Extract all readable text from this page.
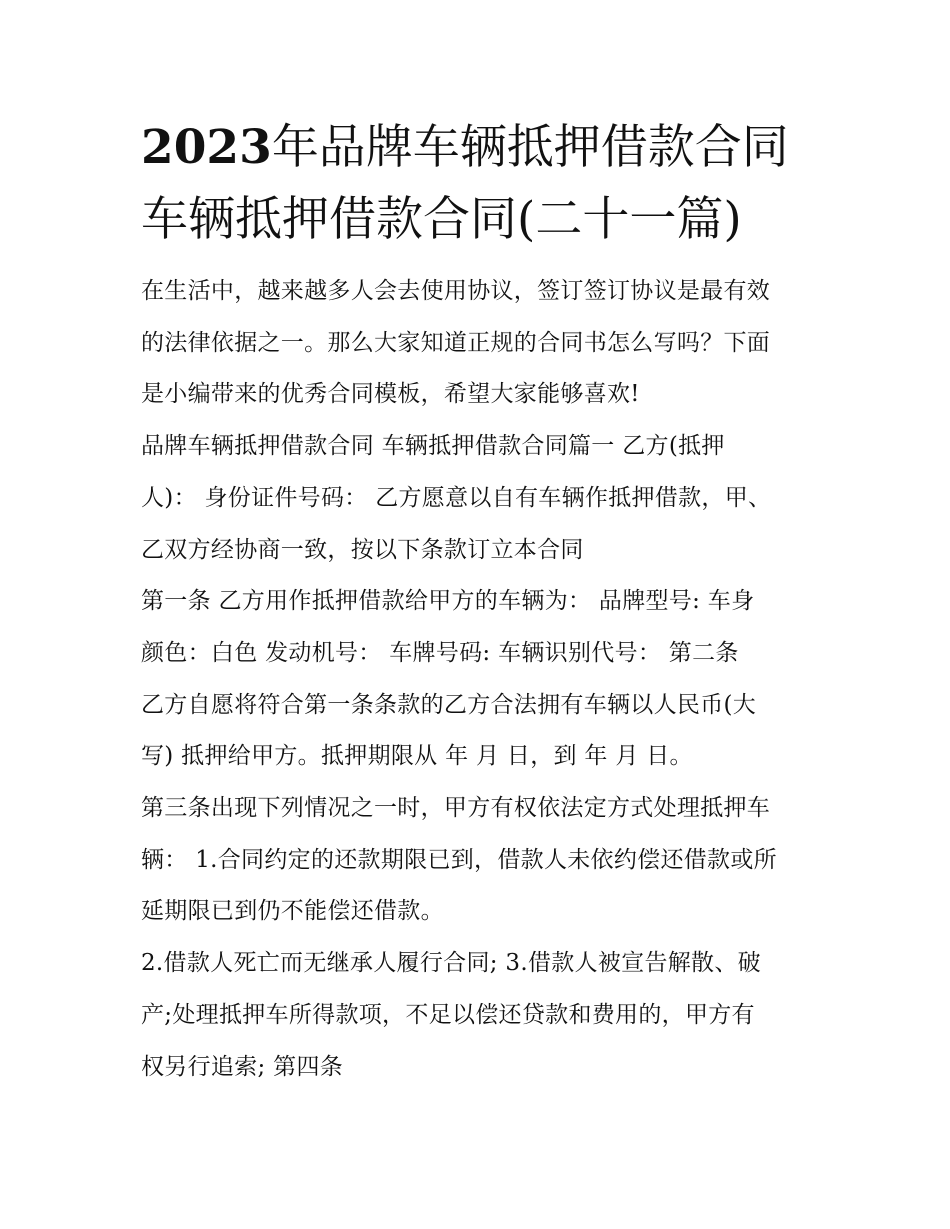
2023年品牌车辆抵押借款合同
车辆抵押借款合同(二十一篇)

在生活中，越来越多人会去使用协议，签订签订协议是最有效
的法律依据之一。那么大家知道正规的合同书怎么写吗？下面
是小编带来的优秀合同模板，希望大家能够喜欢!

品牌车辆抵押借款合同 车辆抵押借款合同篇一 乙方(抵押
人)： 身份证件号码： 乙方愿意以自有车辆作抵押借款，甲、
乙双方经协商一致，按以下条款订立本合同

第一条 乙方用作抵押借款给甲方的车辆为： 品牌型号: 车身
颜色：白色 发动机号： 车牌号码: 车辆识别代号： 第二条
乙方自愿将符合第一条条款的乙方合法拥有车辆以人民币(大
写) 抵押给甲方。抵押期限从 年 月 日，到 年 月 日。

第三条出现下列情况之一时，甲方有权依法定方式处理抵押车
辆： 1.合同约定的还款期限已到，借款人未依约偿还借款或所
延期限已到仍不能偿还借款。

2.借款人死亡而无继承人履行合同; 3.借款人被宣告解散、破
产;处理抵押车所得款项，不足以偿还贷款和费用的，甲方有
权另行追索; 第四条
